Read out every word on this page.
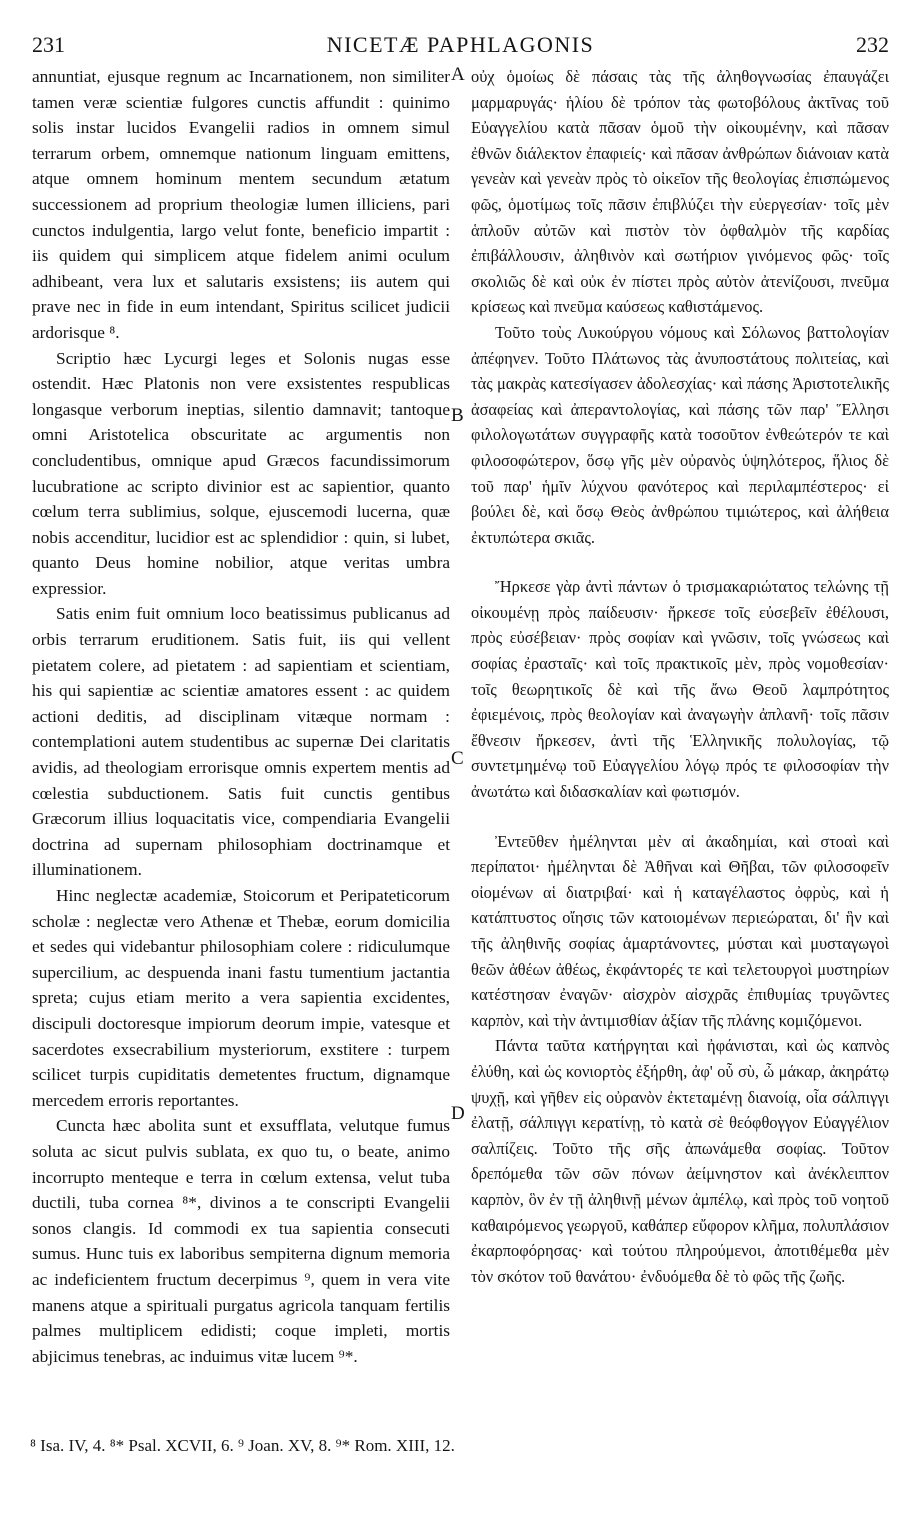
231	NICETÆ PAPHLAGONIS	232

annuntiat, ejusque regnum ac Incarnationem, non similiter tamen veræ scientiæ fulgores cunctis affundit : quinimo solis instar lucidos Evangelii radios in omnem simul terrarum orbem, omnemque nationum linguam emittens, atque omnem hominum mentem secundum ætatum successionem ad proprium theologiæ lumen illiciens, pari cunctos indulgentia, largo velut fonte, beneficio impartit : iis quidem qui simplicem atque fidelem animi oculum adhibeant, vera lux et salutaris exsistens; iis autem qui prave nec in fide in eum intendant, Spiritus scilicet judicii ardorisque ⁸.

Scriptio hæc Lycurgi leges et Solonis nugas esse ostendit. Hæc Platonis non vere exsistentes respublicas longasque verborum ineptias, silentio damnavit; tantoque omni Aristotelica obscuritate ac argumentis non concludentibus, omnique apud Græcos facundissimorum lucubratione ac scripto divinior est ac sapientior, quanto cœlum terra sublimius, solque, ejuscemodi lucerna, quæ nobis accenditur, lucidior est ac splendidior : quin, si lubet, quanto Deus homine nobilior, atque veritas umbra expressior.

Satis enim fuit omnium loco beatissimus publicanus ad orbis terrarum eruditionem. Satis fuit, iis qui vellent pietatem colere, ad pietatem : ad sapientiam et scientiam, his qui sapientiæ ac scientiæ amatores essent : ac quidem actioni deditis, ad disciplinam vitæque normam : contemplationi autem studentibus ac supernæ Dei claritatis avidis, ad theologiam errorisque omnis expertem mentis ad cœlestia subductionem. Satis fuit cunctis gentibus Græcorum illius loquacitatis vice, compendiaria Evangelii doctrina ad supernam philosophiam doctrinamque et illuminationem.

Hinc neglectæ academiæ, Stoicorum et Peripateticorum scholæ : neglectæ vero Athenæ et Thebæ, eorum domicilia et sedes qui videbantur philosophiam colere : ridiculumque supercilium, ac despuenda inani fastu tumentium jactantia spreta; cujus etiam merito a vera sapientia excidentes, discipuli doctoresque impiorum deorum impie, vatesque et sacerdotes exsecrabilium mysteriorum, exstitere : turpem scilicet turpis cupiditatis demetentes fructum, dignamque mercedem erroris reportantes.

Cuncta hæc abolita sunt et exsufflata, velutque fumus soluta ac sicut pulvis sublata, ex quo tu, o beate, animo incorrupto menteque e terra in cœlum extensa, velut tuba ductili, tuba cornea ⁸*, divinos a te conscripti Evangelii sonos clangis. Id commodi ex tua sapientia consecuti sumus. Hunc tuis ex laboribus sempiterna dignum memoria ac indeficientem fructum decerpimus ⁹, quem in vera vite manens atque a spirituali purgatus agricola tanquam fertilis palmes multiplicem edidisti; coque impleti, mortis abjicimus tenebras, ac induimus vitæ lucem ⁹*.

A
B
C
D

οὐχ ὁμοίως δὲ πάσαις τὰς τῆς ἀληθογνωσίας ἐπαυγάζει μαρμαρυγάς· ἡλίου δὲ τρόπον τὰς φωτοβόλους ἀκτῖνας τοῦ Εὐαγγελίου κατὰ πᾶσαν ὁμοῦ τὴν οἰκουμένην, καὶ πᾶσαν ἐθνῶν διάλεκτον ἐπαφιείς· καὶ πᾶσαν ἀνθρώπων διάνοιαν κατὰ γενεὰν καὶ γενεὰν πρὸς τὸ οἰκεῖον τῆς θεολογίας ἐπισπώμενος φῶς, ὁμοτίμως τοῖς πᾶσιν ἐπιβλύζει τὴν εὐεργεσίαν· τοῖς μὲν ἁπλοῦν αὐτῶν καὶ πιστὸν τὸν ὀφθαλμὸν τῆς καρδίας ἐπιβάλλουσιν, ἀληθινὸν καὶ σωτήριον γινόμενος φῶς· τοῖς σκολιῶς δὲ καὶ οὐκ ἐν πίστει πρὸς αὐτὸν ἀτενίζουσι, πνεῦμα κρίσεως καὶ πνεῦμα καύσεως καθιστάμενος.

Τοῦτο τοὺς Λυκούργου νόμους καὶ Σόλωνος βαττολογίαν ἀπέφηνεν. Τοῦτο Πλάτωνος τὰς ἀνυποστάτους πολιτείας, καὶ τὰς μακρὰς κατεσίγασεν ἀδολεσχίας· καὶ πάσης Ἀριστοτελικῆς ἀσαφείας καὶ ἀπεραντολογίας, καὶ πάσης τῶν παρ' Ἕλλησι φιλολογωτάτων συγγραφῆς κατὰ τοσοῦτον ἐνθεώτερόν τε καὶ φιλοσοφώτερον, ὅσῳ γῆς μὲν οὐρανὸς ὑψηλότερος, ἥλιος δὲ τοῦ παρ' ἡμῖν λύχνου φανότερος καὶ περιλαμπέστερος· εἰ βούλει δὲ, καὶ ὅσῳ Θεὸς ἀνθρώπου τιμιώτερος, καὶ ἀλήθεια ἐκτυπώτερα σκιᾶς.

Ἤρκεσε γὰρ ἀντὶ πάντων ὁ τρισμακαριώτατος τελώνης τῇ οἰκουμένῃ πρὸς παίδευσιν· ἤρκεσε τοῖς εὐσεβεῖν ἐθέλουσι, πρὸς εὐσέβειαν· πρὸς σοφίαν καὶ γνῶσιν, τοῖς γνώσεως καὶ σοφίας ἐρασταῖς· καὶ τοῖς πρακτικοῖς μὲν, πρὸς νομοθεσίαν· τοῖς θεωρητικοῖς δὲ καὶ τῆς ἄνω Θεοῦ λαμπρότητος ἐφιεμένοις, πρὸς θεολογίαν καὶ ἀναγωγὴν ἀπλανῆ· τοῖς πᾶσιν ἔθνεσιν ἤρκεσεν, ἀντὶ τῆς Ἑλληνικῆς πολυλογίας, τῷ συντετμημένῳ τοῦ Εὐαγγελίου λόγῳ πρός τε φιλοσοφίαν τὴν ἀνωτάτω καὶ διδασκαλίαν καὶ φωτισμόν.

Ἐντεῦθεν ἠμέληνται μὲν αἱ ἀκαδημίαι, καὶ στοαὶ καὶ περίπατοι· ἠμέληνται δὲ Ἀθῆναι καὶ Θῆβαι, τῶν φιλοσοφεῖν οἰομένων αἱ διατριβαί· καὶ ἡ καταγέλαστος ὀφρὺς, καὶ ἡ κατάπτυστος οἴησις τῶν κατοιομένων περιεώραται, δι' ἣν καὶ τῆς ἀληθινῆς σοφίας ἁμαρτάνοντες, μύσται καὶ μυσταγωγοὶ θεῶν ἀθέων ἀθέως, ἐκφάντορές τε καὶ τελετουργοὶ μυστηρίων κατέστησαν ἐναγῶν· αἰσχρὸν αἰσχρᾶς ἐπιθυμίας τρυγῶντες καρπὸν, καὶ τὴν ἀντιμισθίαν ἀξίαν τῆς πλάνης κομιζόμενοι.

Πάντα ταῦτα κατήργηται καὶ ἠφάνισται, καὶ ὡς καπνὸς ἐλύθη, καὶ ὡς κονιορτὸς ἐξήρθη, ἀφ' οὗ σὺ, ὦ μάκαρ, ἀκηράτῳ ψυχῇ, καὶ γῆθεν εἰς οὐρανὸν ἐκτεταμένῃ διανοίᾳ, οἷα σάλπιγγι ἐλατῇ, σάλπιγγι κερατίνῃ, τὸ κατὰ σὲ θεόφθογγον Εὐαγγέλιον σαλπίζεις. Τοῦτο τῆς σῆς ἀπωνάμεθα σοφίας. Τοῦτον δρεπόμεθα τῶν σῶν πόνων ἀείμνηστον καὶ ἀνέκλειπτον καρπὸν, ὃν ἐν τῇ ἀληθινῇ μένων ἀμπέλῳ, καὶ πρὸς τοῦ νοητοῦ καθαιρόμενος γεωργοῦ, καθάπερ εὔφορον κλῆμα, πολυπλάσιον ἐκαρποφόρησας· καὶ τούτου πληρούμενοι, ἀποτιθέμεθα μὲν τὸν σκότον τοῦ θανάτου· ἐνδυόμεθα δὲ τὸ φῶς τῆς ζωῆς.

⁸ Isa. IV, 4. ⁸* Psal. XCVII, 6. ⁹ Joan. XV, 8. ⁹* Rom. XIII, 12.
